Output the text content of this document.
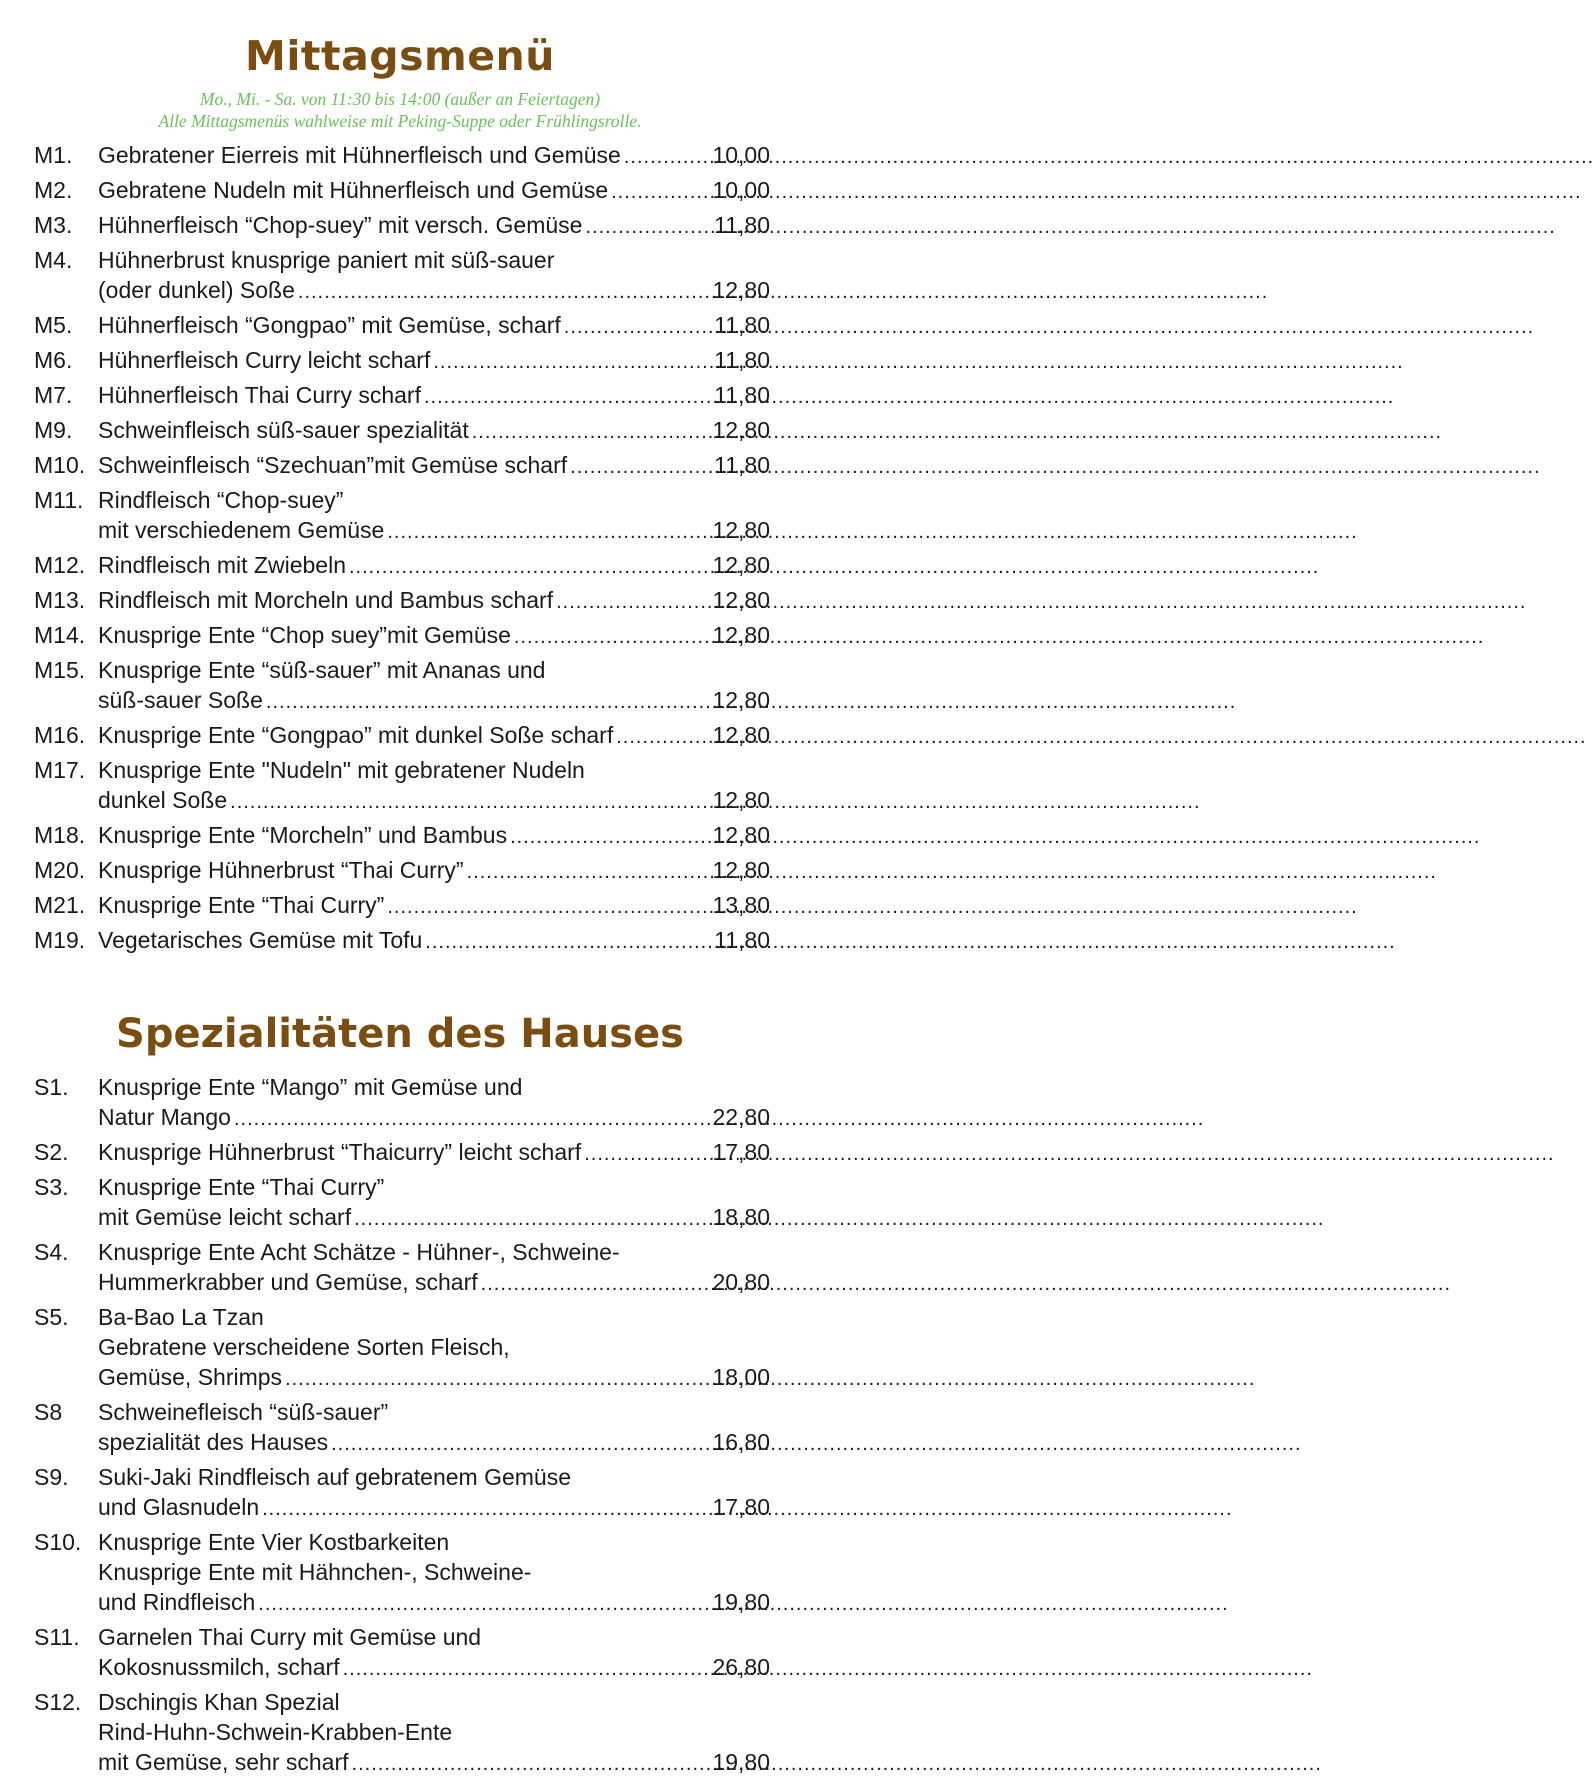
Mittagsmenü
Mo., Mi. - Sa. von 11:30 bis 14:00 (außer an Feiertagen)
Alle Mittagsmenüs wahlweise mit Peking-Suppe oder Frühlingsrolle.
M1.	Gebratener Eierreis mit Hühnerfleisch und Gemüse .....	10,00
M2.	Gebratene Nudeln mit Hühnerfleisch und Gemüse .....	10,00
M3.	Hühnerfleisch “Chop-suey” mit versch. Gemüse .....	11,80
M4.	Hühnerbrust knusprige paniert mit süß-sauer
(oder dunkel) Soße .....	12,80
M5.	Hühnerfleisch “Gongpao” mit Gemüse, scharf .....	11,80
M6.	Hühnerfleisch Curry leicht scharf .....	11,80
M7.	Hühnerfleisch Thai Curry scharf .....	11,80
M9.	Schweinfleisch süß-sauer spezialität .....	12,80
M10. Schweinfleisch “Szechuan”mit Gemüse scharf .....	11,80
M11. Rindfleisch “Chop-suey”
mit verschiedenem Gemüse .....	12,80
M12. Rindfleisch mit Zwiebeln .....	12,80
M13. Rindfleisch mit Morcheln und Bambus scharf .....	12,80
M14. Knusprige Ente “Chop suey”mit Gemüse .....	12,80
M15. Knusprige Ente “süß-sauer” mit Ananas und
süß-sauer Soße .....	12,80
M16. Knusprige Ente “Gongpao” mit dunkel Soße scharf .....	12,80
M17. Knusprige Ente "Nudeln" mit gebratener Nudeln
dunkel Soße .....	12,80
M18. Knusprige Ente “Morcheln” und Bambus .....	12,80
M20. Knusprige Hühnerbrust “Thai Curry” .....	12,80
M21. Knusprige Ente “Thai Curry” .....	13,80
M19. Vegetarisches Gemüse mit Tofu .....	11,80
Spezialitäten des Hauses
S1.	Knusprige Ente “Mango” mit Gemüse und
Natur Mango .....	22,80
S2.	Knusprige Hühnerbrust “Thaicurry” leicht scharf .....	17,80
S3.	Knusprige Ente “Thai Curry”
mit Gemüse leicht scharf .....	18,80
S4.	Knusprige Ente Acht Schätze - Hühner-, Schweine-
Hummerkrabber und Gemüse, scharf .....	20,80
S5.	Ba-Bao La Tzan
Gebratene verscheidene Sorten Fleisch,
Gemüse, Shrimps .....	18,00
S8	Schweinefleisch “süß-sauer”
spezialität des Hauses .....	16,80
S9.	Suki-Jaki Rindfleisch auf gebratenem Gemüse
und Glasnudeln .....	17,80
S10. Knusprige Ente Vier Kostbarkeiten
Knusprige Ente mit Hähnchen-, Schweine-
und Rindfleisch .....	19,80
S11. Garnelen Thai Curry mit Gemüse und
Kokosnussmilch, scharf .....	26,80
S12. Dschingis Khan Spezial
Rind-Huhn-Schwein-Krabben-Ente
mit Gemüse, sehr scharf .....	19,80
